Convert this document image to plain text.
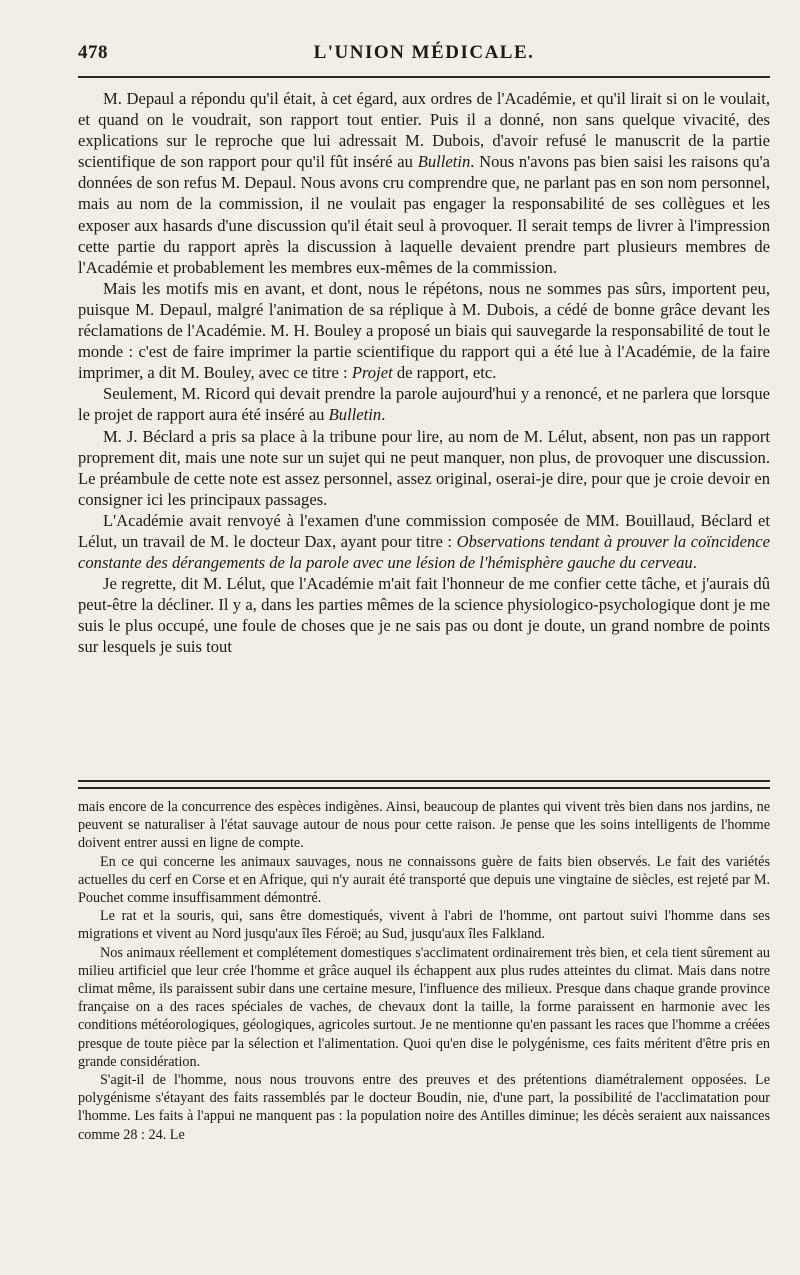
478	L'UNION MÉDICALE.

M. Depaul a répondu qu'il était, à cet égard, aux ordres de l'Académie, et qu'il lirait si on le voulait, et quand on le voudrait, son rapport tout entier. Puis il a donné, non sans quelque vivacité, des explications sur le reproche que lui adressait M. Dubois, d'avoir refusé le manuscrit de la partie scientifique de son rapport pour qu'il fût inséré au Bulletin. Nous n'avons pas bien saisi les raisons qu'a données de son refus M. Depaul. Nous avons cru comprendre que, ne parlant pas en son nom personnel, mais au nom de la commission, il ne voulait pas engager la responsabilité de ses collègues et les exposer aux hasards d'une discussion qu'il était seul à provoquer. Il serait temps de livrer à l'impression cette partie du rapport après la discussion à laquelle devaient prendre part plusieurs membres de l'Académie et probablement les membres eux-mêmes de la commission.

Mais les motifs mis en avant, et dont, nous le répétons, nous ne sommes pas sûrs, importent peu, puisque M. Depaul, malgré l'animation de sa réplique à M. Dubois, a cédé de bonne grâce devant les réclamations de l'Académie. M. H. Bouley a proposé un biais qui sauvegarde la responsabilité de tout le monde : c'est de faire imprimer la partie scientifique du rapport qui a été lue à l'Académie, de la faire imprimer, a dit M. Bouley, avec ce titre : Projet de rapport, etc.

Seulement, M. Ricord qui devait prendre la parole aujourd'hui y a renoncé, et ne parlera que lorsque le projet de rapport aura été inséré au Bulletin.

M. J. Béclard a pris sa place à la tribune pour lire, au nom de M. Lélut, absent, non pas un rapport proprement dit, mais une note sur un sujet qui ne peut manquer, non plus, de provoquer une discussion. Le préambule de cette note est assez personnel, assez original, oserai-je dire, pour que je croie devoir en consigner ici les principaux passages.

L'Académie avait renvoyé à l'examen d'une commission composée de MM. Bouillaud, Béclard et Lélut, un travail de M. le docteur Dax, ayant pour titre : Observations tendant à prouver la coïncidence constante des dérangements de la parole avec une lésion de l'hémisphère gauche du cerveau.

Je regrette, dit M. Lélut, que l'Académie m'ait fait l'honneur de me confier cette tâche, et j'aurais dû peut-être la décliner. Il y a, dans les parties mêmes de la science physiologico-psychologique dont je me suis le plus occupé, une foule de choses que je ne sais pas ou dont je doute, un grand nombre de points sur lesquels je suis tout

mais encore de la concurrence des espèces indigènes. Ainsi, beaucoup de plantes qui vivent très bien dans nos jardins, ne peuvent se naturaliser à l'état sauvage autour de nous pour cette raison. Je pense que les soins intelligents de l'homme doivent entrer aussi en ligne de compte.

En ce qui concerne les animaux sauvages, nous ne connaissons guère de faits bien observés. Le fait des variétés actuelles du cerf en Corse et en Afrique, qui n'y aurait été transporté que depuis une vingtaine de siècles, est rejeté par M. Pouchet comme insuffisamment démontré.

Le rat et la souris, qui, sans être domestiqués, vivent à l'abri de l'homme, ont partout suivi l'homme dans ses migrations et vivent au Nord jusqu'aux îles Féroë; au Sud, jusqu'aux îles Falkland.

Nos animaux réellement et complétement domestiques s'acclimatent ordinairement très bien, et cela tient sûrement au milieu artificiel que leur crée l'homme et grâce auquel ils échappent aux plus rudes atteintes du climat. Mais dans notre climat même, ils paraissent subir dans une certaine mesure, l'influence des milieux. Presque dans chaque grande province française on a des races spéciales de vaches, de chevaux dont la taille, la forme paraissent en harmonie avec les conditions météorologiques, géologiques, agricoles surtout. Je ne mentionne qu'en passant les races que l'homme a créées presque de toute pièce par la sélection et l'alimentation. Quoi qu'en dise le polygénisme, ces faits méritent d'être pris en grande considération.

S'agit-il de l'homme, nous nous trouvons entre des preuves et des prétentions diamétralement opposées. Le polygénisme s'étayant des faits rassemblés par le docteur Boudin, nie, d'une part, la possibilité de l'acclimatation pour l'homme. Les faits à l'appui ne manquent pas : la population noire des Antilles diminue; les décès seraient aux naissances comme 28 : 24. Le
